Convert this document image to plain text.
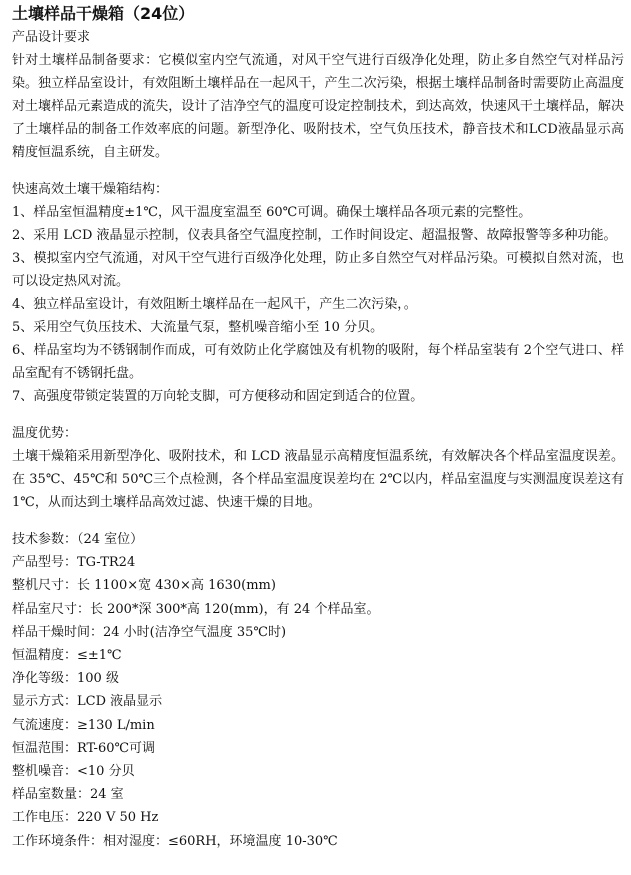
土壤样品干燥箱（24位）

产品设计要求

针对土壤样品制备要求：它模似室内空气流通，对风干空气进行百级净化处理，防止多自然空气对样品污染。独立样品室设计，有效阻断土壤样品在一起风干，产生二次污染，根据土壤样品制备时需要防止高温度对土壤样品元素造成的流失，设计了洁净空气的温度可设定控制技术，到达高效，快速风干土壤样品，解决了土壤样品的制备工作效率底的问题。新型净化、吸附技术，空气负压技术，静音技术和LCD液晶显示高精度恒温系统，自主研发。

快速高效土壤干燥箱结构：

1、样品室恒温精度±1℃，风干温度室温至 60℃可调。确保土壤样品各项元素的完整性。

2、采用 LCD 液晶显示控制，仪表具备空气温度控制，工作时间设定、超温报警、故障报警等多种功能。

3、模拟室内空气流通，对风干空气进行百级净化处理，防止多自然空气对样品污染。可模拟自然对流，也可以设定热风对流。

4、独立样品室设计，有效阻断土壤样品在一起风干，产生二次污染，。

5、采用空气负压技术、大流量气泵，整机噪音缩小至 10 分贝。

6、样品室均为不锈钢制作而成，可有效防止化学腐蚀及有机物的吸附，每个样品室装有 2个空气进口、样品室配有不锈钢托盘。

7、高强度带锁定装置的万向轮支脚，可方便移动和固定到适合的位置。

温度优势：

土壤干燥箱采用新型净化、吸附技术，和 LCD 液晶显示高精度恒温系统，有效解决各个样品室温度误差。在 35℃、45℃和 50℃三个点检测，各个样品室温度误差均在 2℃以内，样品室温度与实测温度误差这有 1℃，从而达到土壤样品高效过滤、快速干燥的目地。

技术参数：（24 室位）

产品型号：TG-TR24

整机尺寸：长 1100×宽 430×高 1630(mm)

样品室尺寸：长 200*深 300*高 120(mm)，有 24 个样品室。

样品干燥时间：24 小时(洁净空气温度 35℃时)

恒温精度：≤±1℃

净化等级：100 级

显示方式：LCD 液晶显示

气流速度：≥130 L/min

恒温范围：RT-60℃可调

整机噪音：<10 分贝

样品室数量：24 室

工作电压：220 V 50 Hz

工作环境条件：相对湿度：≤60RH，环境温度 10-30℃
